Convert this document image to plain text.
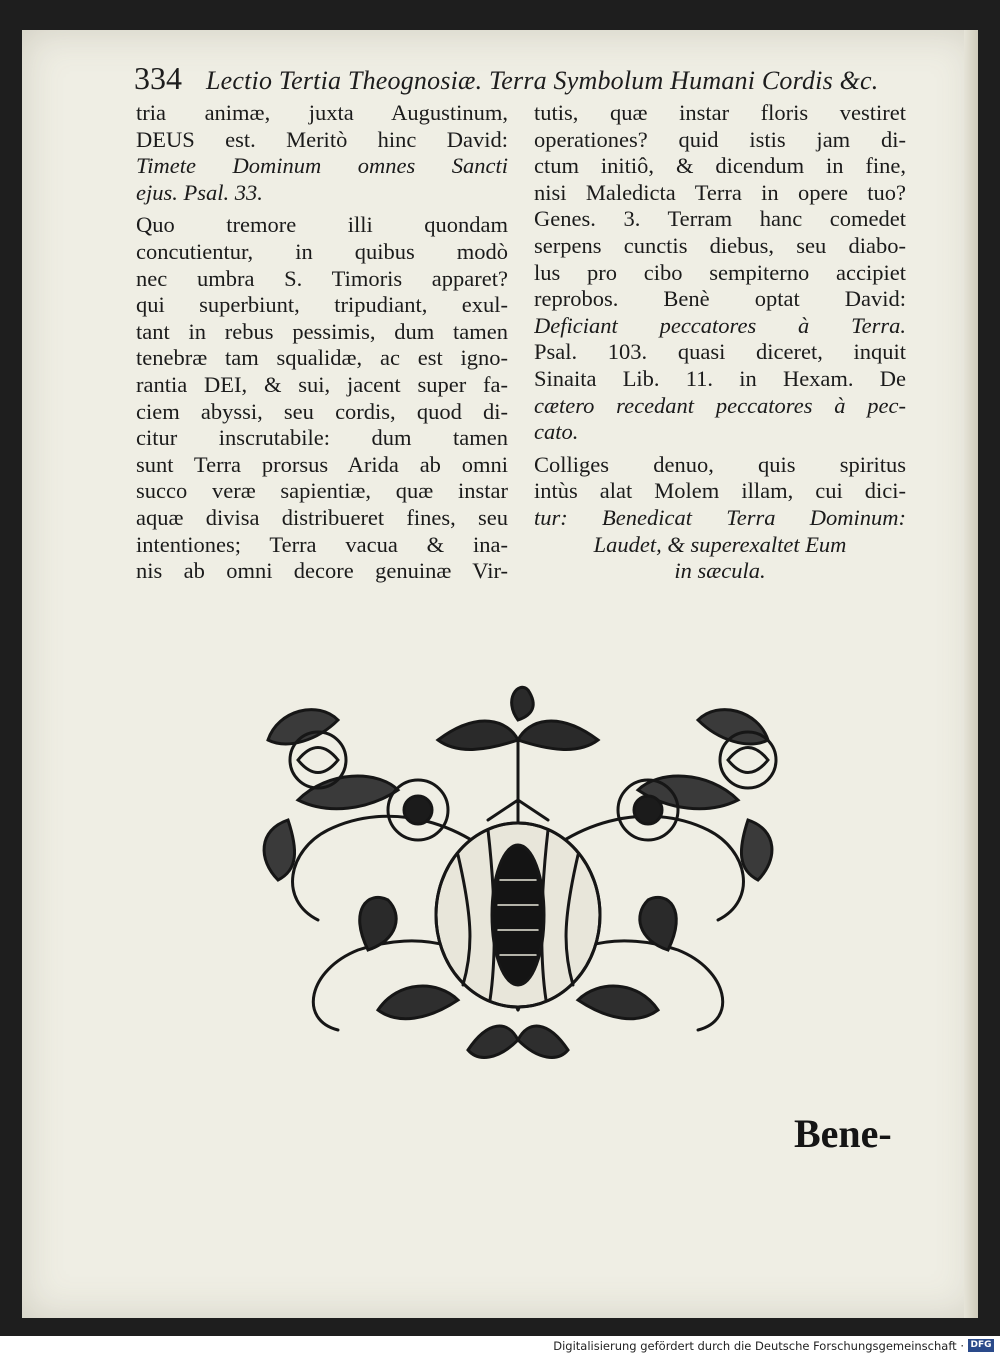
334 Lectio Tertia Theognosiæ. Terra Symbolum Humani Cordis &c.
tria animæ, juxta Augustinum,
DEUS est. Meritò hinc David:
Timete Dominum omnes Sancti
ejus. Psal. 33.
Quo tremore illi quondam
concutientur, in quibus modò
nec umbra S. Timoris apparet?
qui superbiunt, tripudiant, exul-
tant in rebus pessimis, dum tamen
tenebræ tam squalidæ, ac est igno-
rantia DEI, & sui, jacent super fa-
ciem abyssi, seu cordis, quod di-
citur inscrutabile: dum tamen
sunt Terra prorsus Arida ab omni
succo veræ sapientiæ, quæ instar
aquæ divisa distribueret fines, seu
intentiones; Terra vacua & ina-
nis ab omni decore genuinæ Vir-
tutis, quæ instar floris vestiret
operationes? quid istis jam di-
ctum initiô, & dicendum in fine,
nisi Maledicta Terra in opere tuo?
Genes. 3. Terram hanc comedet
serpens cunctis diebus, seu diabo-
lus pro cibo sempiterno accipiet
reprobos. Benè optat David:
Deficiant peccatores à Terra.
Psal. 103. quasi diceret, inquit
Sinaita Lib. 11. in Hexam. De
cætero recedant peccatores à pec-
cato.
Colliges denuo, quis spiritus
intùs alat Molem illam, cui dici-
tur: Benedicat Terra Dominum:
Laudet, & superexaltet Eum
in sæcula.
Bene-
Digitalisierung gefördert durch die Deutsche Forschungsgemeinschaft · DFG
